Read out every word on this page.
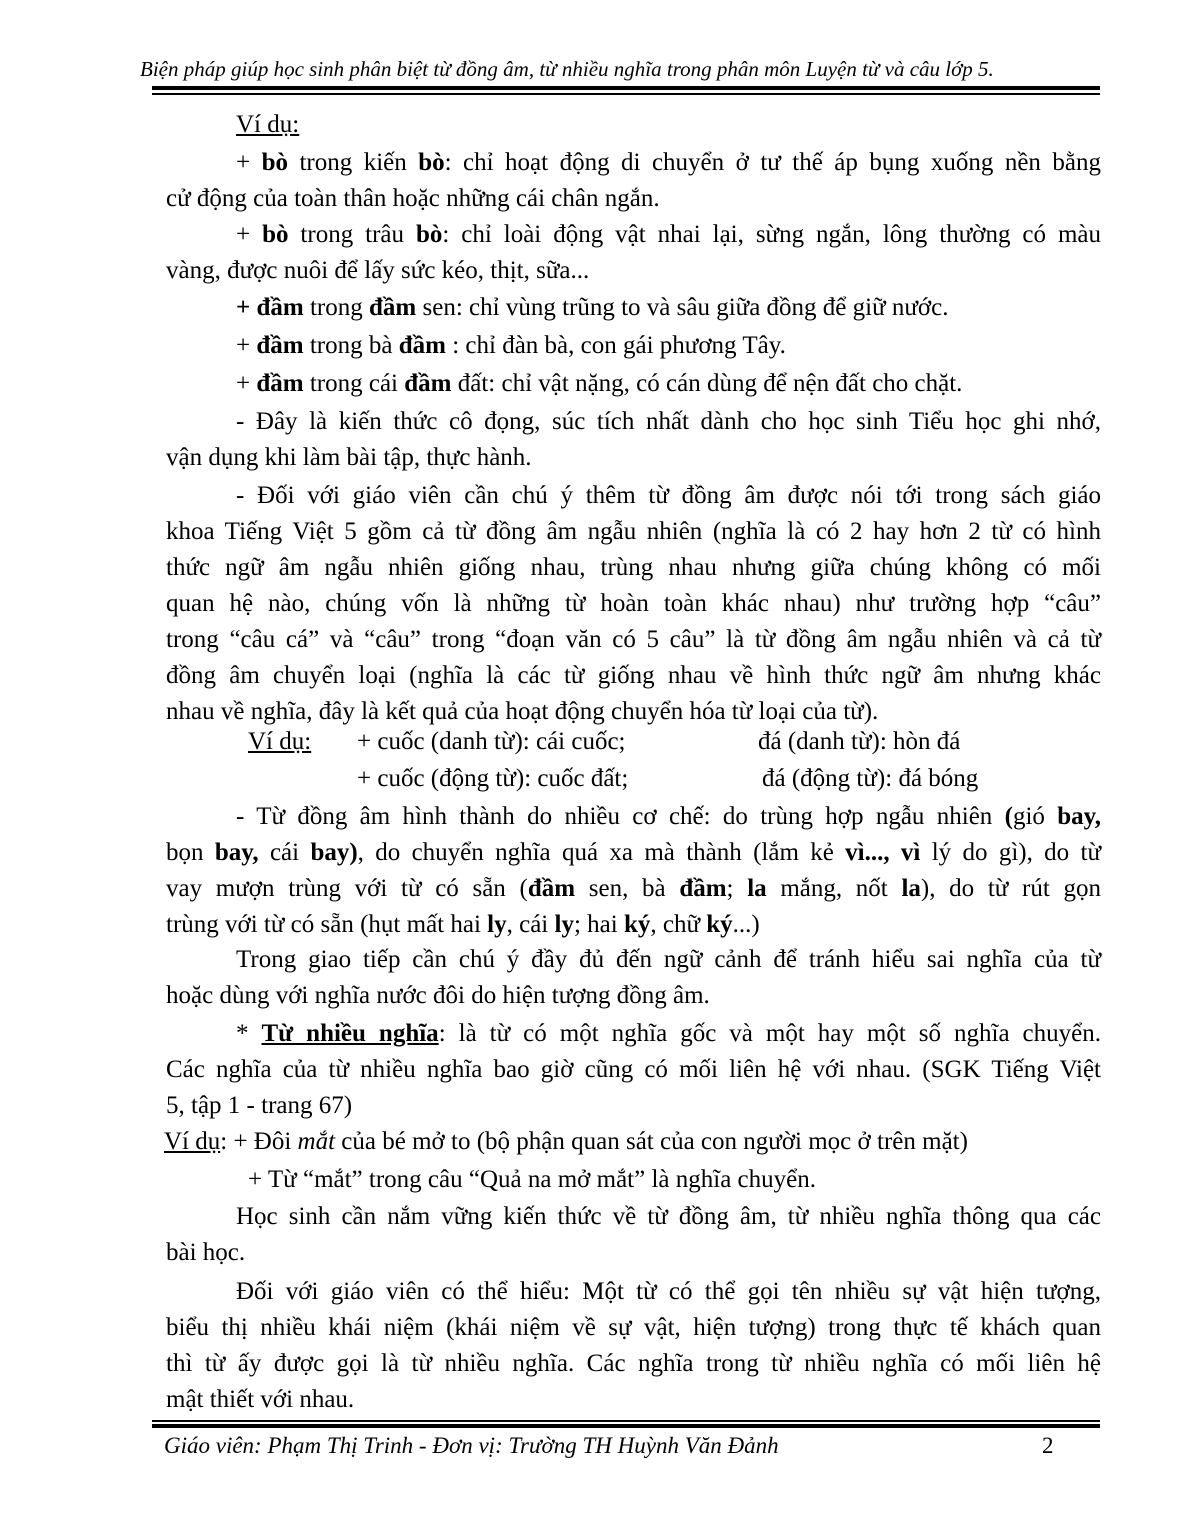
Biện pháp giúp học sinh phân biệt từ đồng âm, từ nhiều nghĩa trong phân môn Luyện từ và câu lớp 5.
Ví dụ:
+ bò trong kiến bò: chỉ hoạt động di chuyển ở tư thế áp bụng xuống nền bằng
cử động của toàn thân hoặc những cái chân ngắn.
+ bò trong trâu bò: chỉ loài động vật nhai lại, sừng ngắn, lông thường có màu
vàng, được nuôi để lấy sức kéo, thịt, sữa...
+ đầm trong đầm sen: chỉ vùng trũng to và sâu giữa đồng để giữ nước.
+ đầm trong bà đầm : chỉ đàn bà, con gái phương Tây.
+ đầm trong cái đầm đất: chỉ vật nặng, có cán dùng để nện đất cho chặt.
- Đây là kiến thức cô đọng, súc tích nhất dành cho học sinh Tiểu học ghi nhớ,
vận dụng khi làm bài tập, thực hành.
- Đối với giáo viên cần chú ý thêm từ đồng âm được nói tới trong sách giáo
khoa Tiếng Việt 5 gồm cả từ đồng âm ngẫu nhiên (nghĩa là có 2 hay hơn 2 từ có hình
thức ngữ âm ngẫu nhiên giống nhau, trùng nhau nhưng giữa chúng không có mối
quan hệ nào, chúng vốn là những từ hoàn toàn khác nhau) như trường hợp “câu”
trong “câu cá” và “câu” trong “đoạn văn có 5 câu” là từ đồng âm ngẫu nhiên và cả từ
đồng âm chuyển loại (nghĩa là các từ giống nhau về hình thức ngữ âm nhưng khác
nhau về nghĩa, đây là kết quả của hoạt động chuyển hóa từ loại của từ).
Ví dụ: + cuốc (danh từ): cái cuốc;	đá (danh từ): hòn đá
+ cuốc (động từ): cuốc đất;	đá (động từ): đá bóng
- Từ đồng âm hình thành do nhiều cơ chế: do trùng hợp ngẫu nhiên (gió bay,
bọn bay, cái bay), do chuyển nghĩa quá xa mà thành (lắm kẻ vì..., vì lý do gì), do từ
vay mượn trùng với từ có sẵn (đầm sen, bà đầm; la mắng, nốt la), do từ rút gọn
trùng với từ có sẵn (hụt mất hai ly, cái ly; hai ký, chữ ký...)
Trong giao tiếp cần chú ý đầy đủ đến ngữ cảnh để tránh hiểu sai nghĩa của từ
hoặc dùng với nghĩa nước đôi do hiện tượng đồng âm.
* Từ nhiều nghĩa: là từ có một nghĩa gốc và một hay một số nghĩa chuyển.
Các nghĩa của từ nhiều nghĩa bao giờ cũng có mối liên hệ với nhau. (SGK Tiếng Việt
5, tập 1 - trang 67)
Ví dụ: + Đôi mắt của bé mở to (bộ phận quan sát của con người mọc ở trên mặt)
+ Từ “mắt” trong câu “Quả na mở mắt” là nghĩa chuyển.
Học sinh cần nắm vững kiến thức về từ đồng âm, từ nhiều nghĩa thông qua các
bài học.
Đối với giáo viên có thể hiểu: Một từ có thể gọi tên nhiều sự vật hiện tượng,
biểu thị nhiều khái niệm (khái niệm về sự vật, hiện tượng) trong thực tế khách quan
thì từ ấy được gọi là từ nhiều nghĩa. Các nghĩa trong từ nhiều nghĩa có mối liên hệ
mật thiết với nhau.
Giáo viên: Phạm Thị Trinh - Đơn vị: Trường TH Huỳnh Văn Đảnh	2
